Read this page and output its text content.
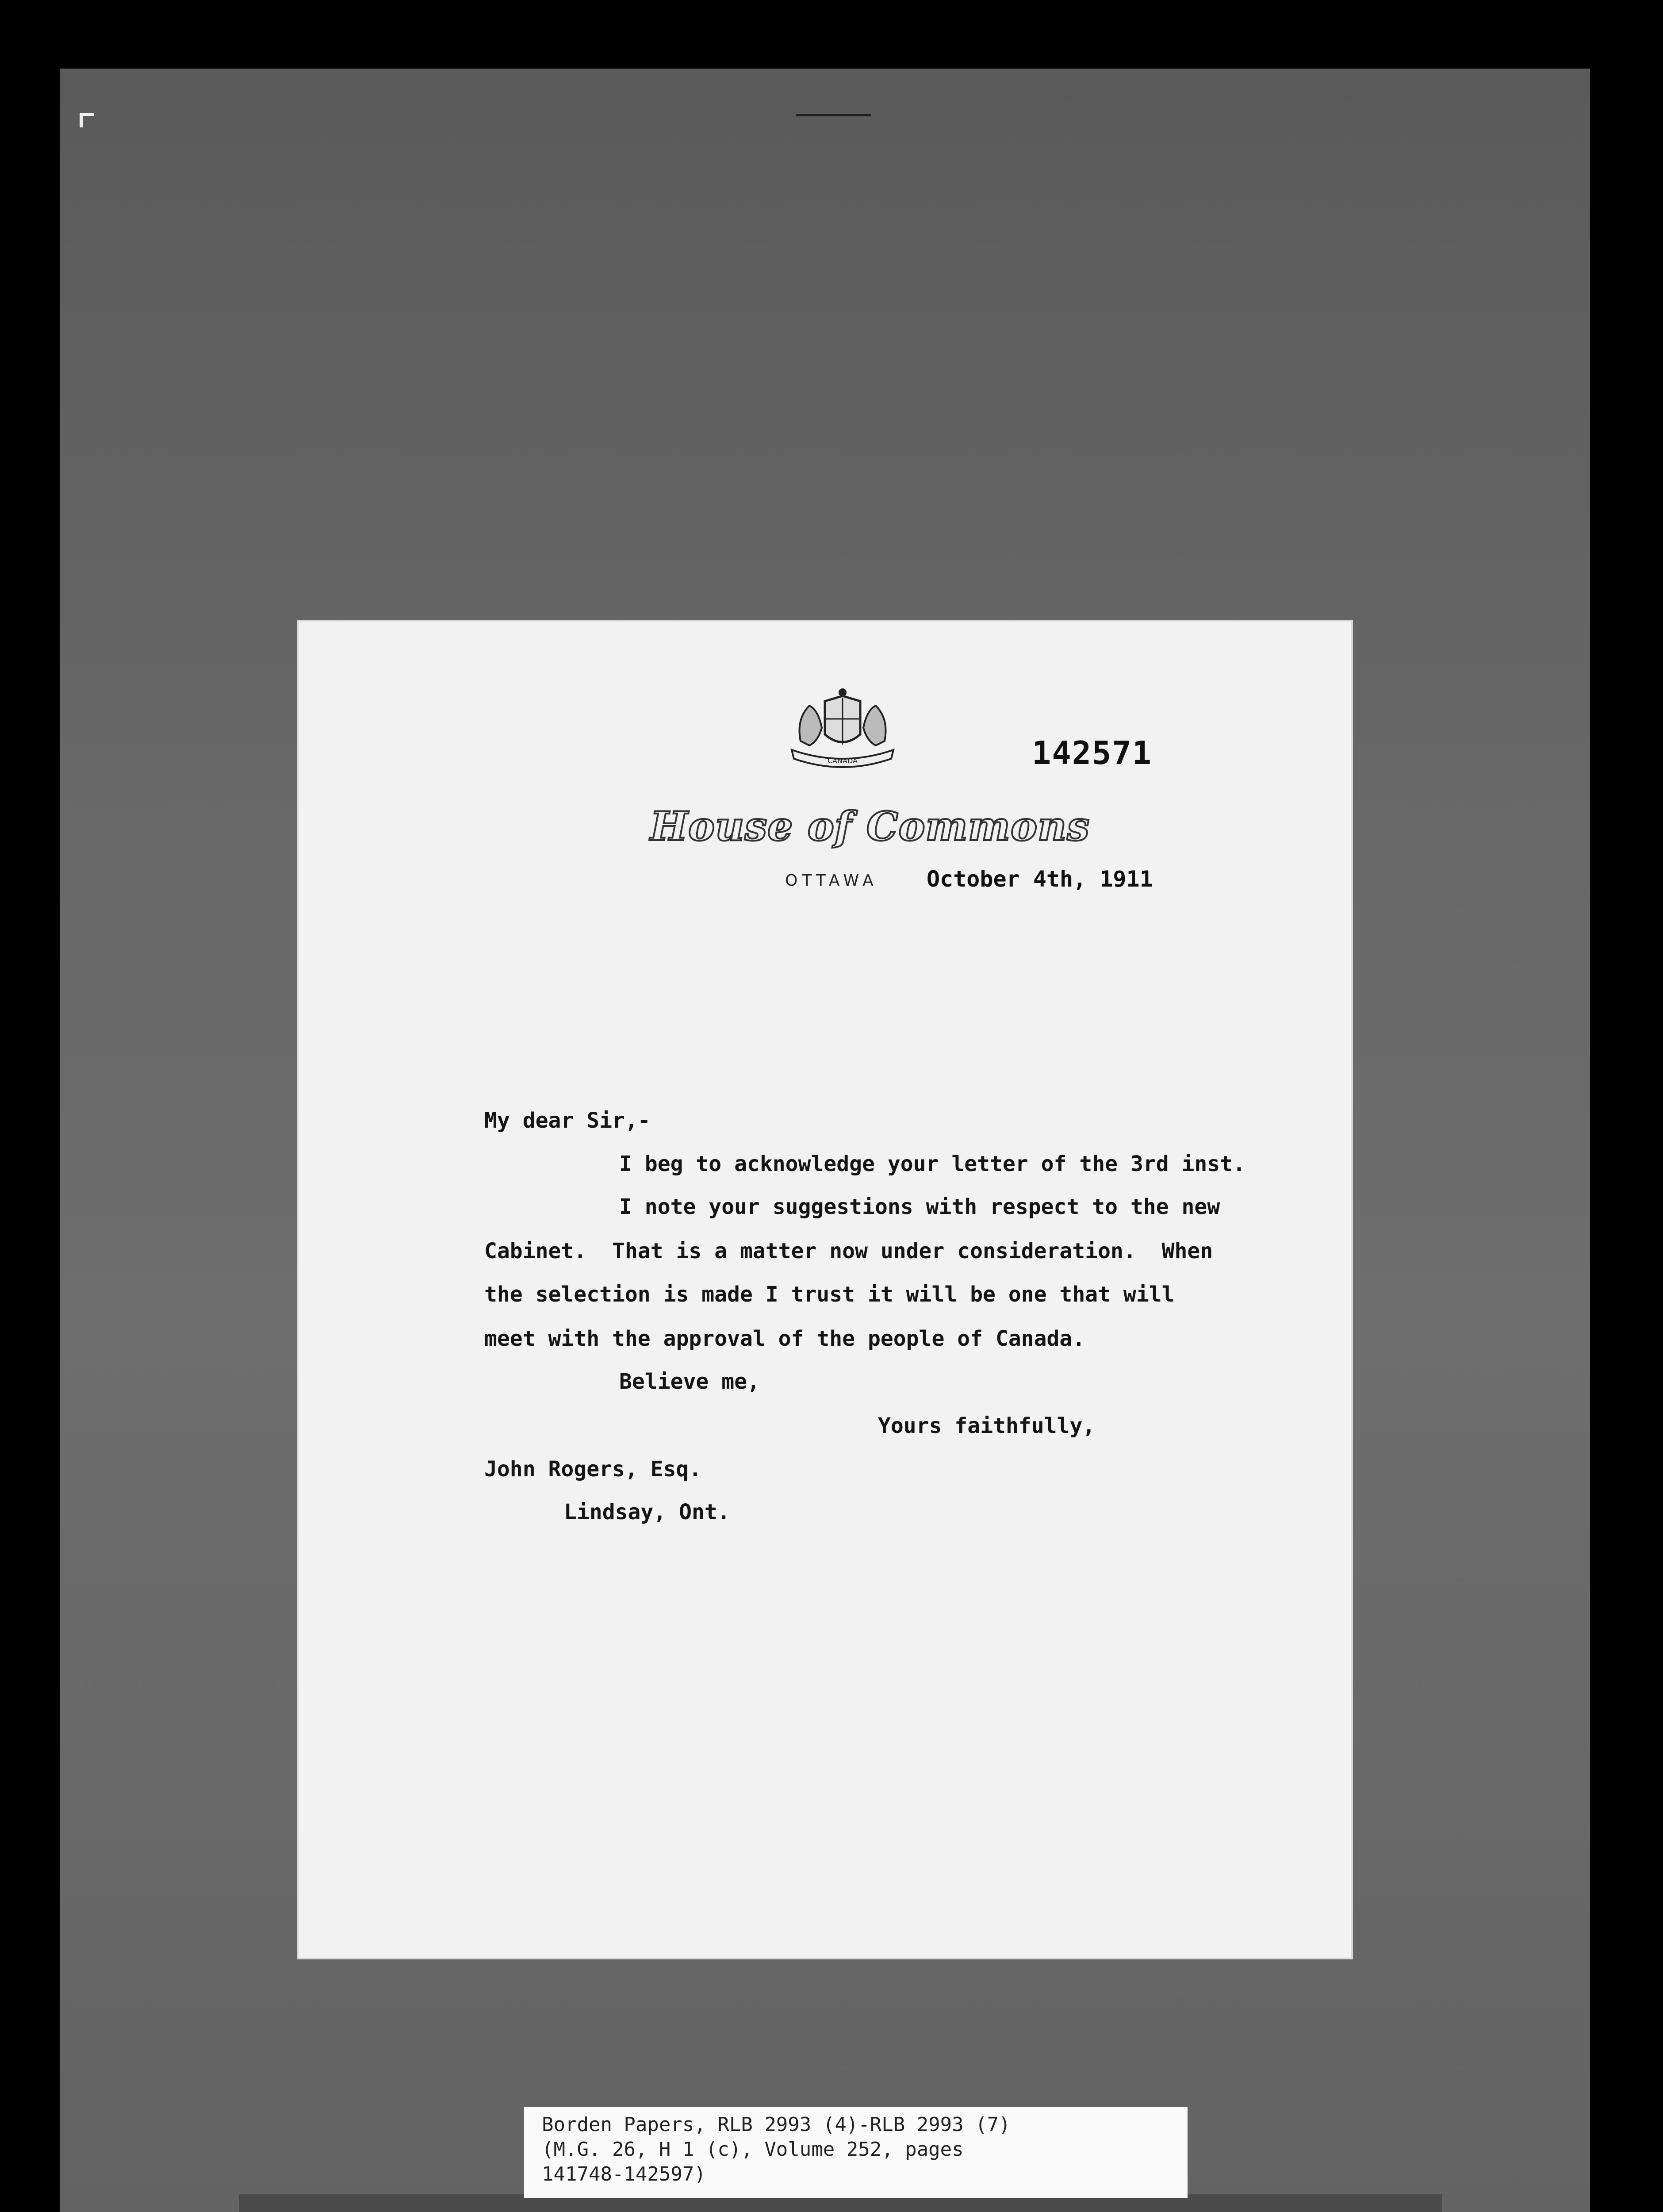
CANADA	142571
House of Commons
OTTAWA October 4th, 1911
My dear Sir,-
I beg to acknowledge your letter of the 3rd inst.
I note your suggestions with respect to the new
Cabinet.  That is a matter now under consideration.  When
the selection is made I trust it will be one that will
meet with the approval of the people of Canada.
Believe me,
Yours faithfully,
John Rogers, Esq.
Lindsay, Ont.
Borden Papers, RLB 2993 (4)-RLB 2993 (7)
(M.G. 26, H 1 (c), Volume 252, pages
141748-142597)
